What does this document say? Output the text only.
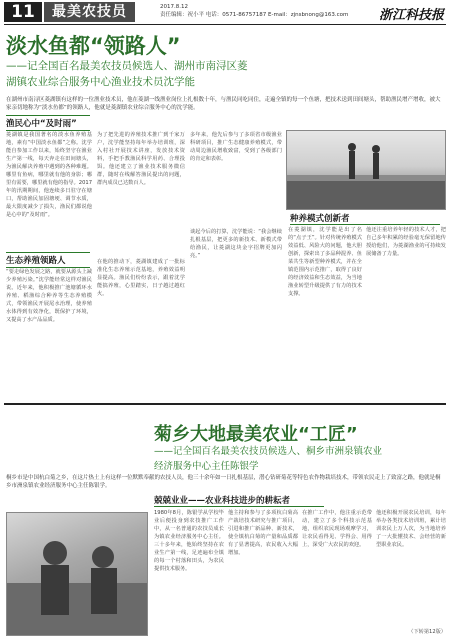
11	最美农技员	2017.8.12
责任编辑：祝小平 电话：0571-86757187 E-mail：zjnsbnong@163.com	浙江科技报
淡水鱼都“领路人”
——记全国百名最美农技员候选人、湖州市南浔区菱
湖镇农业综合服务中心渔业技术员沈学能
在湖州市南浔区菱湖镇有这样的一位渔业技术员，他在菱湖一线渔业岗位上扎根数十年，与渔民同吃同住，走遍全镇的每一个鱼塘，把技术送到田间塘头，帮助渔民增产增收，被大家亲切地称为“淡水鱼都”的领路人，他就是菱湖镇农业综合服务中心的沈学能。
渔民心中“及时雨”
菱湖镇是我国著名的淡水鱼养殖基地，素有“中国淡水鱼都”之称。沈学能自参加工作以来，始终坚守在渔业生产第一线，每天奔走在田间塘头，为渔民解决养殖中遇到的各种难题。哪里有鱼病，哪里就有他的身影；哪里有需要，哪里就有他的指导。2017年的汛期期间，他连续多日驻守在塘口，帮助渔民加固塘埂、调节水质，最大限度减少了损失，渔民们都说他是心中的“及时雨”。
为了把先进的养殖技术推广到千家万户，沈学能坚持每年举办培训班，深入村社开展技术讲座，发放技术资料，手把手教渔民科学用药、合理投饵。他还建立了渔业技术服务微信群，随时在线解答渔民提出的问题，群内成员已达数百人。
多年来，他先后参与了多项省市级渔业科研项目，推广生态健康养殖模式，带动周边渔民增收致富，受到了各级部门的肯定和表彰。
生态养殖领路人
“要走绿色发展之路，就要从源头上减少养殖污染。”沈学能经常这样对渔民说。近年来，他积极推广池塘循环水养殖、稻渔综合种养等生态养殖模式，带领渔民开展尾水治理，使养殖水体得到有效净化，既保护了环境，又提高了水产品品质。
在他的推动下，菱湖镇建成了一批标准化生态养殖示范基地，养殖效益明显提高。渔民们纷纷表示，跟着沈学能搞养殖，心里踏实，日子越过越红火。
谈起今后的打算，沈学能说：“我会继续扎根基层，把更多的新技术、新模式带给渔民，让菱湖这块金字招牌更加闪亮。”
种养模式创新者
在菱湖镇，沈学能是出了名的“点子王”。针对传统养殖模式效益低、风险大的问题，他大胆创新，探索出了多品种混养、鱼菜共生等新型种养模式，并在全镇范围内示范推广，取得了良好的经济效益和生态效益，为当地渔业转型升级提供了有力的技术支撑。
他还注重培养年轻的技术人才，把自己多年积累的经验毫无保留地传授给他们，为菱湖渔业的可持续发展储备了力量。
菊乡大地最美农业“工匠”
——记全国百名最美农技员候选人、桐乡市洲泉镇农业
经济服务中心主任陈银学
桐乡市是中国杭白菊之乡，在这片热土上有这样一位默默奉献的农技人员，他三十余年如一日扎根基层，潜心钻研菊花等特色农作物栽培技术，带领农民走上了致富之路，他就是桐乡市洲泉镇农业经济服务中心主任陈银学。
兢兢业业——农业科技进步的耕耘者
1980年8月，陈银学从学校毕业后便投身到农技推广工作中，从一名普通的农技员成长为镇农业经济服务中心主任。三十多年来，他始终坚持在农业生产第一线，足迹遍布全镇的每一个村落和田头，为农民提供技术服务。
他主持和参与了多项杭白菊高产栽培技术研究与推广项目，引进和推广新品种、新技术，使全镇杭白菊的产量和品质都有了显著提高，农民收入大幅增加。
在推广工作中，他注重示范带动，建立了多个科技示范基地，组织农民现场观摩学习，让农民看得见、学得会、用得上，深受广大农民的欢迎。
他还积极开展农民培训，每年举办各类技术培训班，累计培训农民上万人次，为当地培养了一大批懂技术、会经营的新型职业农民。
（下转第12版）
